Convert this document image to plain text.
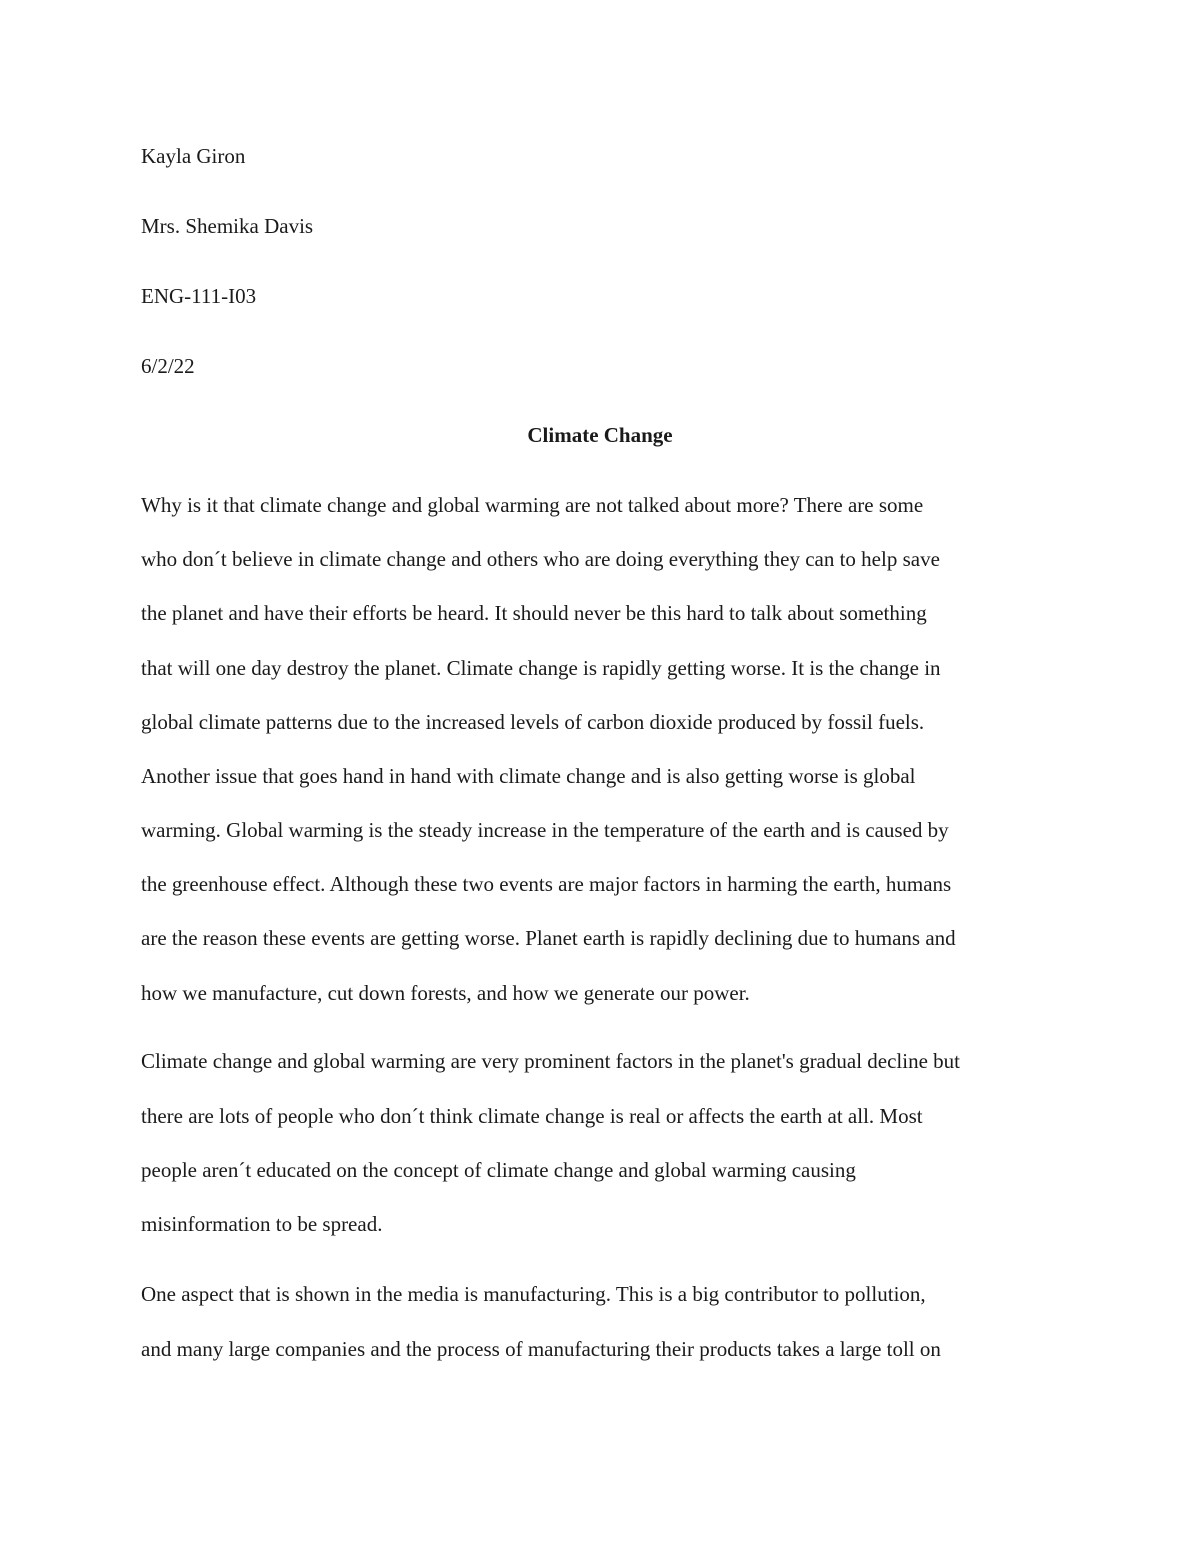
Kayla Giron
Mrs. Shemika Davis
ENG-111-I03
6/2/22
Climate Change
Why is it that climate change and global warming are not talked about more? There are some
who don´t believe in climate change and others who are doing everything they can to help save
the planet and have their efforts be heard. It should never be this hard to talk about something
that will one day destroy the planet. Climate change is rapidly getting worse. It is the change in
global climate patterns due to the increased levels of carbon dioxide produced by fossil fuels.
Another issue that goes hand in hand with climate change and is also getting worse is global
warming. Global warming is the steady increase in the temperature of the earth and is caused by
the greenhouse effect. Although these two events are major factors in harming the earth, humans
are the reason these events are getting worse. Planet earth is rapidly declining due to humans and
how we manufacture, cut down forests, and how we generate our power.
Climate change and global warming are very prominent factors in the planet's gradual decline but
there are lots of people who don´t think climate change is real or affects the earth at all. Most
people aren´t educated on the concept of climate change and global warming causing
misinformation to be spread.
One aspect that is shown in the media is manufacturing. This is a big contributor to pollution,
and many large companies and the process of manufacturing their products takes a large toll on
